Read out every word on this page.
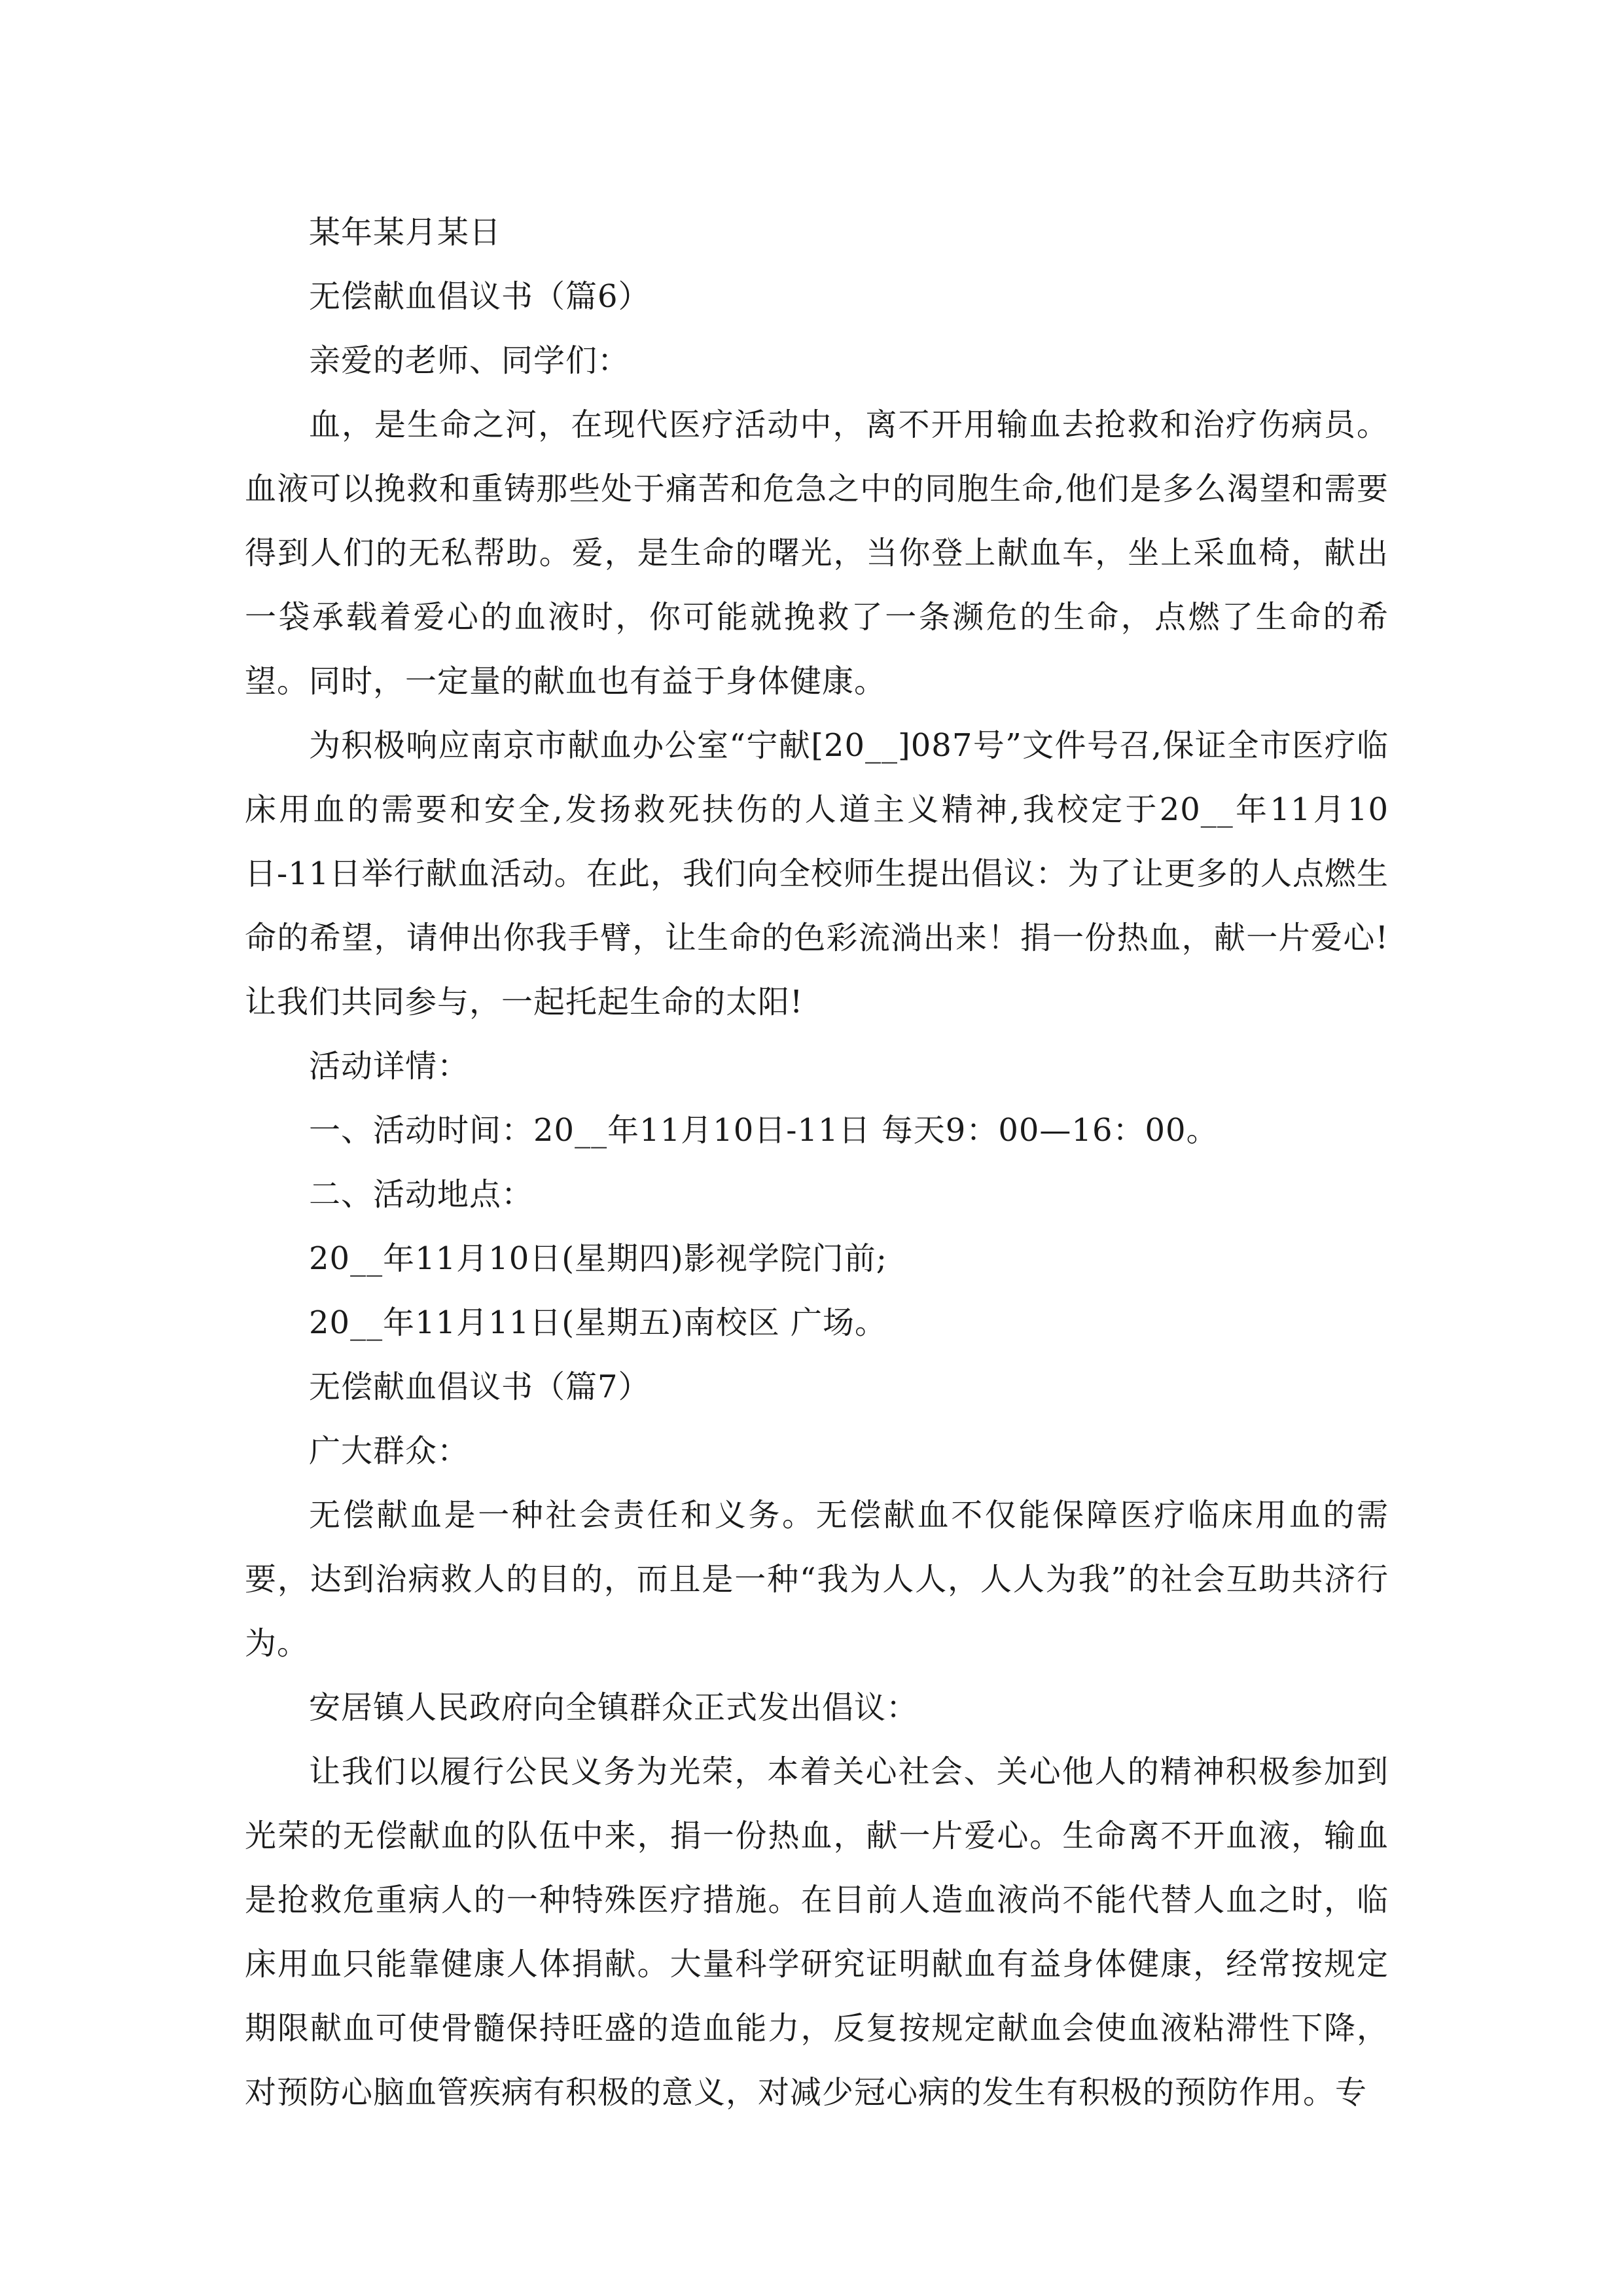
某年某月某日

无偿献血倡议书（篇6）

亲爱的老师、同学们：

血，是生命之河，在现代医疗活动中，离不开用输血去抢救和治疗伤病员。血液可以挽救和重铸那些处于痛苦和危急之中的同胞生命,他们是多么渴望和需要得到人们的无私帮助。爱，是生命的曙光，当你登上献血车，坐上采血椅，献出一袋承载着爱心的血液时，你可能就挽救了一条濒危的生命，点燃了生命的希望。同时，一定量的献血也有益于身体健康。

为积极响应南京市献血办公室“宁献[20__]087号”文件号召,保证全市医疗临床用血的需要和安全,发扬救死扶伤的人道主义精神,我校定于20__年11月10日-11日举行献血活动。在此，我们向全校师生提出倡议：为了让更多的人点燃生命的希望，请伸出你我手臂，让生命的色彩流淌出来！捐一份热血，献一片爱心!让我们共同参与，一起托起生命的太阳!

活动详情：

一、活动时间：20__年11月10日-11日 每天9：00—16：00。

二、活动地点：

20__年11月10日(星期四)影视学院门前;

20__年11月11日(星期五)南校区 广场。

无偿献血倡议书（篇7）

广大群众：

无偿献血是一种社会责任和义务。无偿献血不仅能保障医疗临床用血的需要，达到治病救人的目的，而且是一种“我为人人，人人为我”的社会互助共济行为。

安居镇人民政府向全镇群众正式发出倡议：

让我们以履行公民义务为光荣，本着关心社会、关心他人的精神积极参加到光荣的无偿献血的队伍中来，捐一份热血，献一片爱心。生命离不开血液，输血是抢救危重病人的一种特殊医疗措施。在目前人造血液尚不能代替人血之时，临床用血只能靠健康人体捐献。大量科学研究证明献血有益身体健康，经常按规定期限献血可使骨髓保持旺盛的造血能力，反复按规定献血会使血液粘滞性下降，对预防心脑血管疾病有积极的意义，对减少冠心病的发生有积极的预防作用。专
